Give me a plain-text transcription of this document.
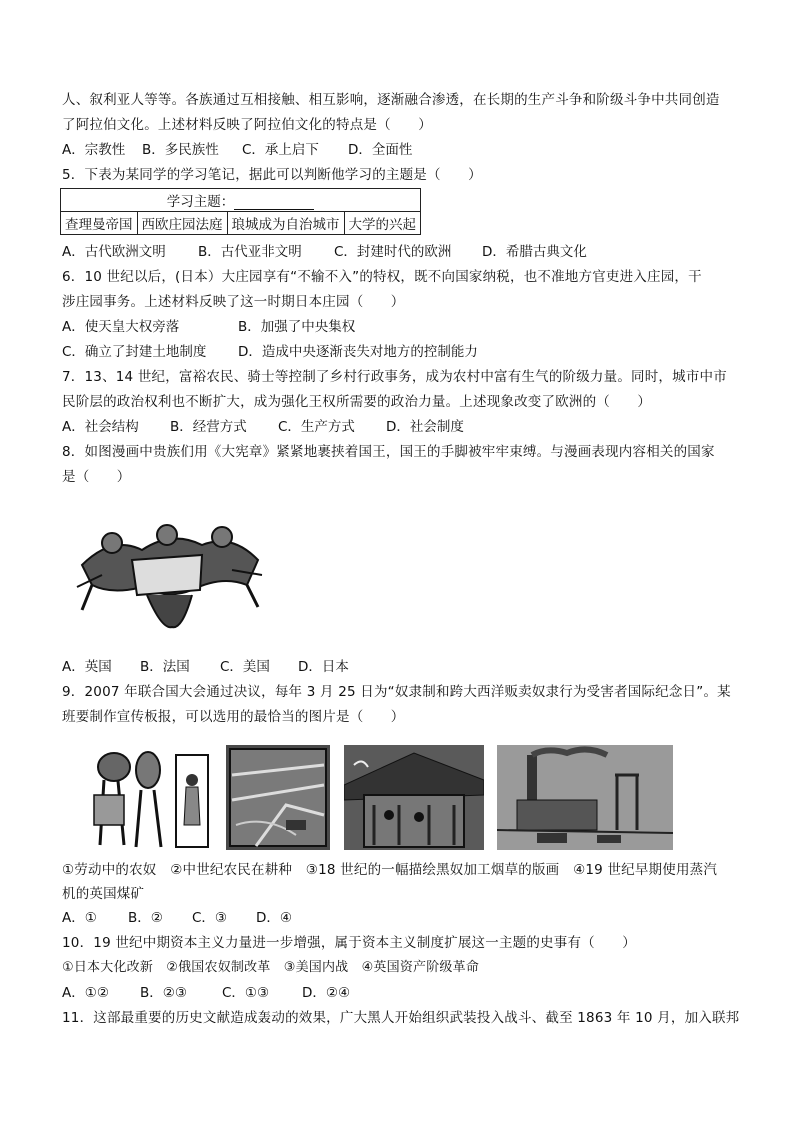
人、叙利亚人等等。各族通过互相接触、相互影响，逐渐融合渗透，在长期的生产斗争和阶级斗争中共同创造
了阿拉伯文化。上述材料反映了阿拉伯文化的特点是（　　）
A．宗教性 B．多民族性 C．承上启下 D．全面性
5．下表为某同学的学习笔记，据此可以判断他学习的主题是（　　）
学习主题：
查理曼帝国	西欧庄园法庭	琅城成为自治城市	大学的兴起
A．古代欧洲文明 B．古代亚非文明 C．封建时代的欧洲 D．希腊古典文化
6．10 世纪以后，(日本）大庄园享有“不输不入”的特权，既不向国家纳税，也不准地方官吏进入庄园，干
涉庄园事务。上述材料反映了这一时期日本庄园（　　）
A．使天皇大权旁落	B．加强了中央集权
C．确立了封建土地制度 D．造成中央逐渐丧失对地方的控制能力
7．13、14 世纪，富裕农民、骑士等控制了乡村行政事务，成为农村中富有生气的阶级力量。同时，城市中市
民阶层的政治权利也不断扩大，成为强化王权所需要的政治力量。上述现象改变了欧洲的（　　）
A．社会结构 B．经营方式 C．生产方式 D．社会制度
8．如图漫画中贵族们用《大宪章》紧紧地裹挟着国王，国王的手脚被牢牢束缚。与漫画表现内容相关的国家
是（　　）
A．英国 B．法国 C．美国 D．日本
9．2007 年联合国大会通过决议，每年 3 月 25 日为“奴隶制和跨大西洋贩卖奴隶行为受害者国际纪念日”。某
班要制作宣传板报，可以选用的最恰当的图片是（　　）
①劳动中的农奴　②中世纪农民在耕种　③18 世纪的一幅描绘黑奴加工烟草的版画　④19 世纪早期使用蒸汽
机的英国煤矿
A．① B．② C．③ D．④
10．19 世纪中期资本主义力量进一步增强，属于资本主义制度扩展这一主题的史事有（　　）
①日本大化改新　②俄国农奴制改革　③美国内战　④英国资产阶级革命
A．①② B．②③	C．①③ D．②④
11．这部最重要的历史文献造成轰动的效果，广大黑人开始组织武装投入战斗、截至 1863 年 10 月，加入联邦
